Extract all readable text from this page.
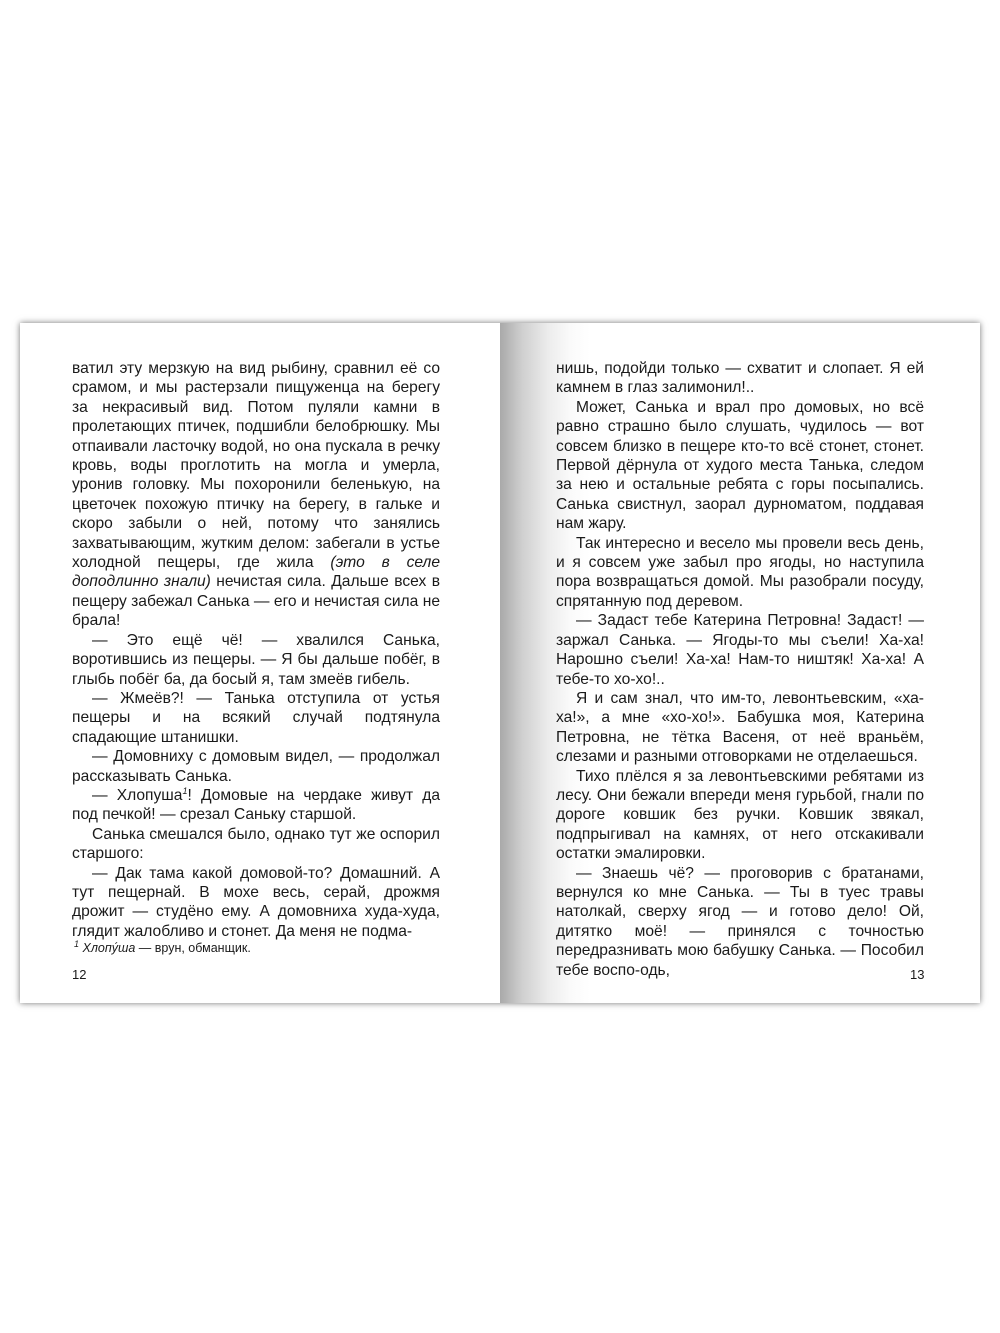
ватил эту мерзкую на вид рыбину, сравнил её со срамом, и мы растерзали пищуженца на берегу за некрасивый вид. Потом пуляли камни в пролетающих птичек, подшибли белобрюшку. Мы отпаивали ласточку водой, но она пускала в речку кровь, воды проглотить на могла и умерла, уронив головку. Мы похоронили беленькую, на цветочек похожую птичку на берегу, в гальке и скоро забыли о ней, потому что занялись захватывающим, жутким делом: забегали в устье холодной пещеры, где жила (это в селе доподлинно знали) нечистая сила. Дальше всех в пещеру забежал Санька — его и нечистая сила не брала!

— Это ещё чё! — хвалился Санька, воротившись из пещеры. — Я бы дальше побёг, в глыбь побёг ба, да босый я, там змеёв гибель.

— Жмеёв?! — Танька отступила от устья пещеры и на всякий случай подтянула спадающие штанишки.

— Домовниху с домовым видел, — продолжал рассказывать Санька.

— Хлопуша$^1$! Домовые на чердаке живут да под печкой! — срезал Саньку старшой.

Санька смешался было, однако тут же оспорил старшого:

— Дак тама какой домовой-то? Домашний. А тут пещернай. В мохе весь, серай, дрожмя дрожит — студёно ему. А домовниха худа-худа, глядит жалобливо и стонет. Да меня не подма-

$^1$ Хлопу́ша — врун, обманщик.
12

нишь, подойди только — схватит и слопает. Я ей камнем в глаз залимонил!..

Может, Санька и врал про домовых, но всё равно страшно было слушать, чудилось — вот совсем близко в пещере кто-то всё стонет, стонет. Первой дёрнула от худого места Танька, следом за нею и остальные ребята с горы посыпались. Санька свистнул, заорал дурноматом, поддавая нам жару.

Так интересно и весело мы провели весь день, и я совсем уже забыл про ягоды, но наступила пора возвращаться домой. Мы разобрали посуду, спрятанную под деревом.

— Задаст тебе Катерина Петровна! Задаст! — заржал Санька. — Ягоды-то мы съели! Ха-ха! Нарошно съели! Ха-ха! Нам-то ништяк! Ха-ха! А тебе-то хо-хо!..

Я и сам знал, что им-то, левонтьевским, «ха-ха!», а мне «хо-хо!». Бабушка моя, Катерина Петровна, не тётка Васеня, от неё враньём, слезами и разными отговорками не отделаешься.

Тихо плёлся я за левонтьевскими ребятами из лесу. Они бежали впереди меня гурьбой, гнали по дороге ковшик без ручки. Ковшик звякал, подпрыгивал на камнях, от него отскакивали остатки эмалировки.

— Знаешь чё? — проговорив с братанами, вернулся ко мне Санька. — Ты в туес травы натолкай, сверху ягод — и готово дело! Ой, дитятко моё! — принялся с точностью передразнивать мою бабушку Санька. — Пособил тебе воспо-одь,	13
